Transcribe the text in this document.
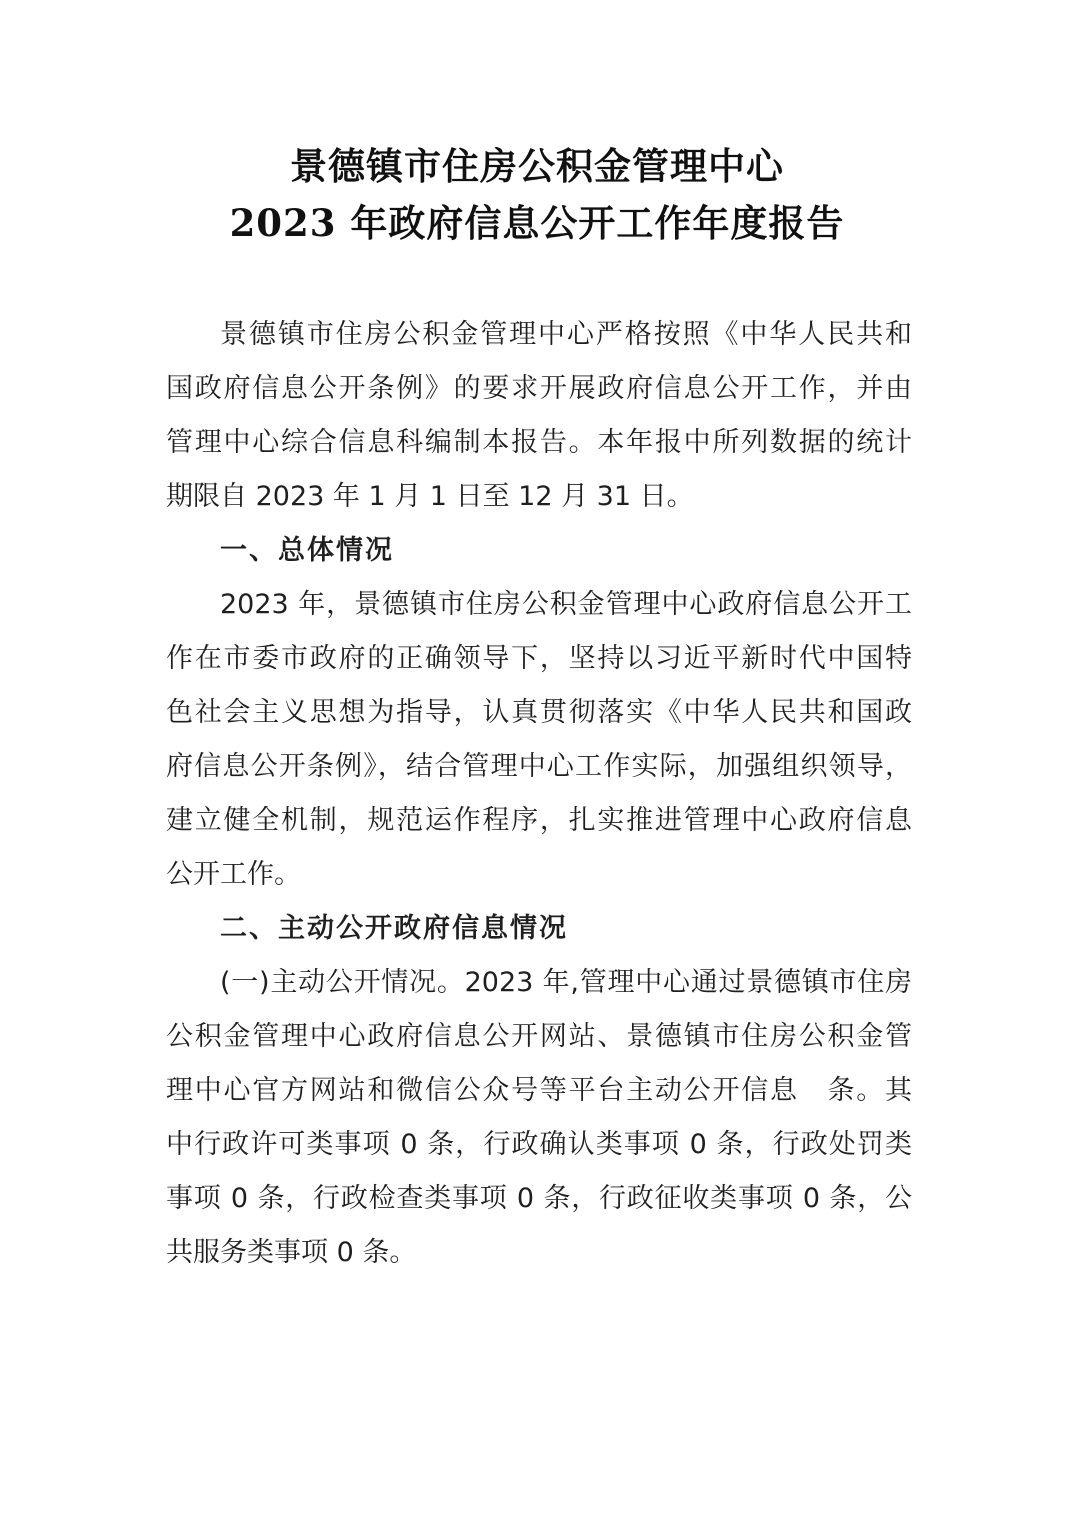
景德镇市住房公积金管理中心
2023 年政府信息公开工作年度报告
景德镇市住房公积金管理中心严格按照《中华人民共和
国政府信息公开条例》的要求开展政府信息公开工作，并由
管理中心综合信息科编制本报告。本年报中所列数据的统计
期限自 2023 年 1 月 1 日至 12 月 31 日。
一、总体情况
2023 年，景德镇市住房公积金管理中心政府信息公开工
作在市委市政府的正确领导下，坚持以习近平新时代中国特
色社会主义思想为指导，认真贯彻落实《中华人民共和国政
府信息公开条例》，结合管理中心工作实际，加强组织领导，
建立健全机制，规范运作程序，扎实推进管理中心政府信息
公开工作。
二、主动公开政府信息情况
(一)主动公开情况。2023 年,管理中心通过景德镇市住房
公积金管理中心政府信息公开网站、景德镇市住房公积金管
理中心官方网站和微信公众号等平台主动公开信息　条。其
中行政许可类事项 0 条，行政确认类事项 0 条，行政处罚类
事项 0 条，行政检查类事项 0 条，行政征收类事项 0 条，公
共服务类事项 0 条。
